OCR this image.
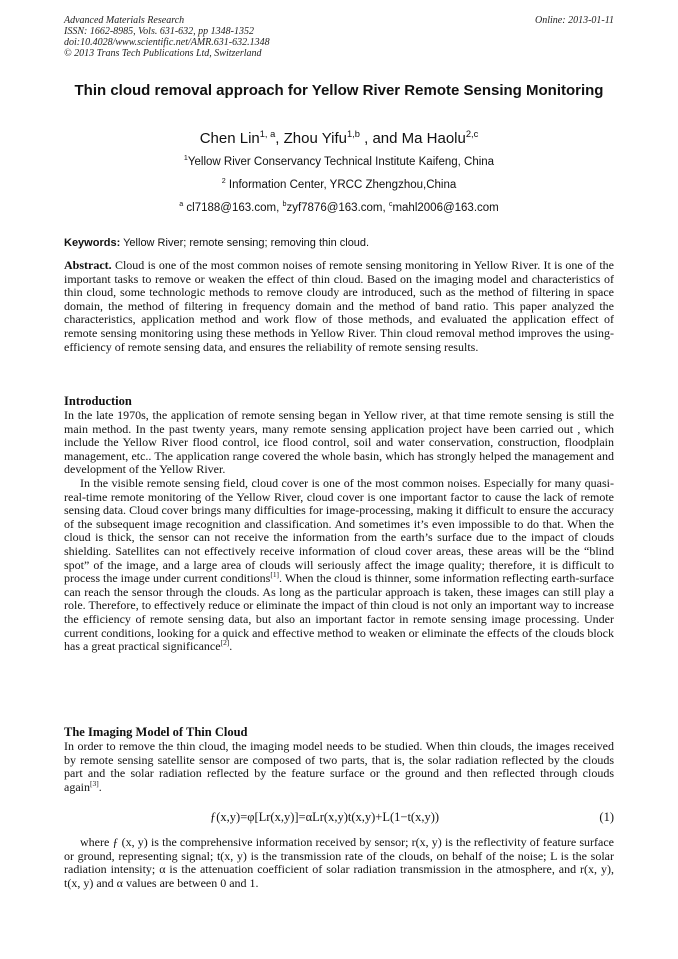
Advanced Materials Research
ISSN: 1662-8985, Vols. 631-632, pp 1348-1352
doi:10.4028/www.scientific.net/AMR.631-632.1348
© 2013 Trans Tech Publications Ltd, Switzerland
Online: 2013-01-11
Thin cloud removal approach for Yellow River Remote Sensing Monitoring
Chen Lin$^{1, a}$, Zhou Yifu$^{1,b}$ , and Ma Haolu$^{2,c}$
$^1$Yellow River Conservancy Technical Institute Kaifeng, China
$^2$ Information Center, YRCC Zhengzhou,China
$^a$ cl7188@163.com, $^b$zyf7876@163.com, $^c$mahl2006@163.com
Keywords: Yellow River; remote sensing; removing thin cloud.

Abstract. Cloud is one of the most common noises of remote sensing monitoring in Yellow River. It is one of the important tasks to remove or weaken the effect of thin cloud. Based on the imaging model and characteristics of thin cloud, some technologic methods to remove cloudy are introduced, such as the method of filtering in space domain, the method of filtering in frequency domain and the method of band ratio. This paper analyzed the characteristics, application method and work flow of those methods, and evaluated the application effect of remote sensing monitoring using these methods in Yellow River. Thin cloud removal method improves the using-efficiency of remote sensing data, and ensures the reliability of remote sensing results.

Introduction

In the late 1970s, the application of remote sensing began in Yellow river, at that time remote sensing is still the main method. In the past twenty years, many remote sensing application project have been carried out , which include the Yellow River flood control, ice flood control, soil and water conservation, construction, floodplain management, etc.. The application range covered the whole basin, which has strongly helped the management and development of the Yellow River.

In the visible remote sensing field, cloud cover is one of the most common noises. Especially for many quasi-real-time remote monitoring of the Yellow River, cloud cover is one important factor to cause the lack of remote sensing data. Cloud cover brings many difficulties for image-processing, making it difficult to ensure the accuracy of the subsequent image recognition and classification. And sometimes it’s even impossible to do that. When the cloud is thick, the sensor can not receive the information from the earth’s surface due to the impact of clouds shielding. Satellites can not effectively receive information of cloud cover areas, these areas will be the “blind spot” of the image, and a large area of clouds will seriously affect the image quality; therefore, it is difficult to process the image under current conditions[1]. When the cloud is thinner, some information reflecting earth-surface can reach the sensor through the clouds. As long as the particular approach is taken, these images can still play a role. Therefore, to effectively reduce or eliminate the impact of thin cloud is not only an important way to increase the efficiency of remote sensing data, but also an important factor in remote sensing image processing. Under current conditions, looking for a quick and effective method to weaken or eliminate the effects of the clouds block has a great practical significance[2].

The Imaging Model of Thin Cloud

In order to remove the thin cloud, the imaging model needs to be studied. When thin clouds, the images received by remote sensing satellite sensor are composed of two parts, that is, the solar radiation reflected by the clouds part and the solar radiation reflected by the feature surface or the ground and then reflected through clouds again[3].

ƒ(x,y)=φ[Lr(x,y)]=αLr(x,y)t(x,y)+L(1−t(x,y))	(1)

where ƒ (x, y) is the comprehensive information received by sensor; r(x, y) is the reflectivity of feature surface or ground, representing signal; t(x, y) is the transmission rate of the clouds, on behalf of the noise; L is the solar radiation intensity; α is the attenuation coefficient of solar radiation transmission in the atmosphere, and r(x, y), t(x, y) and α values are between 0 and 1.
